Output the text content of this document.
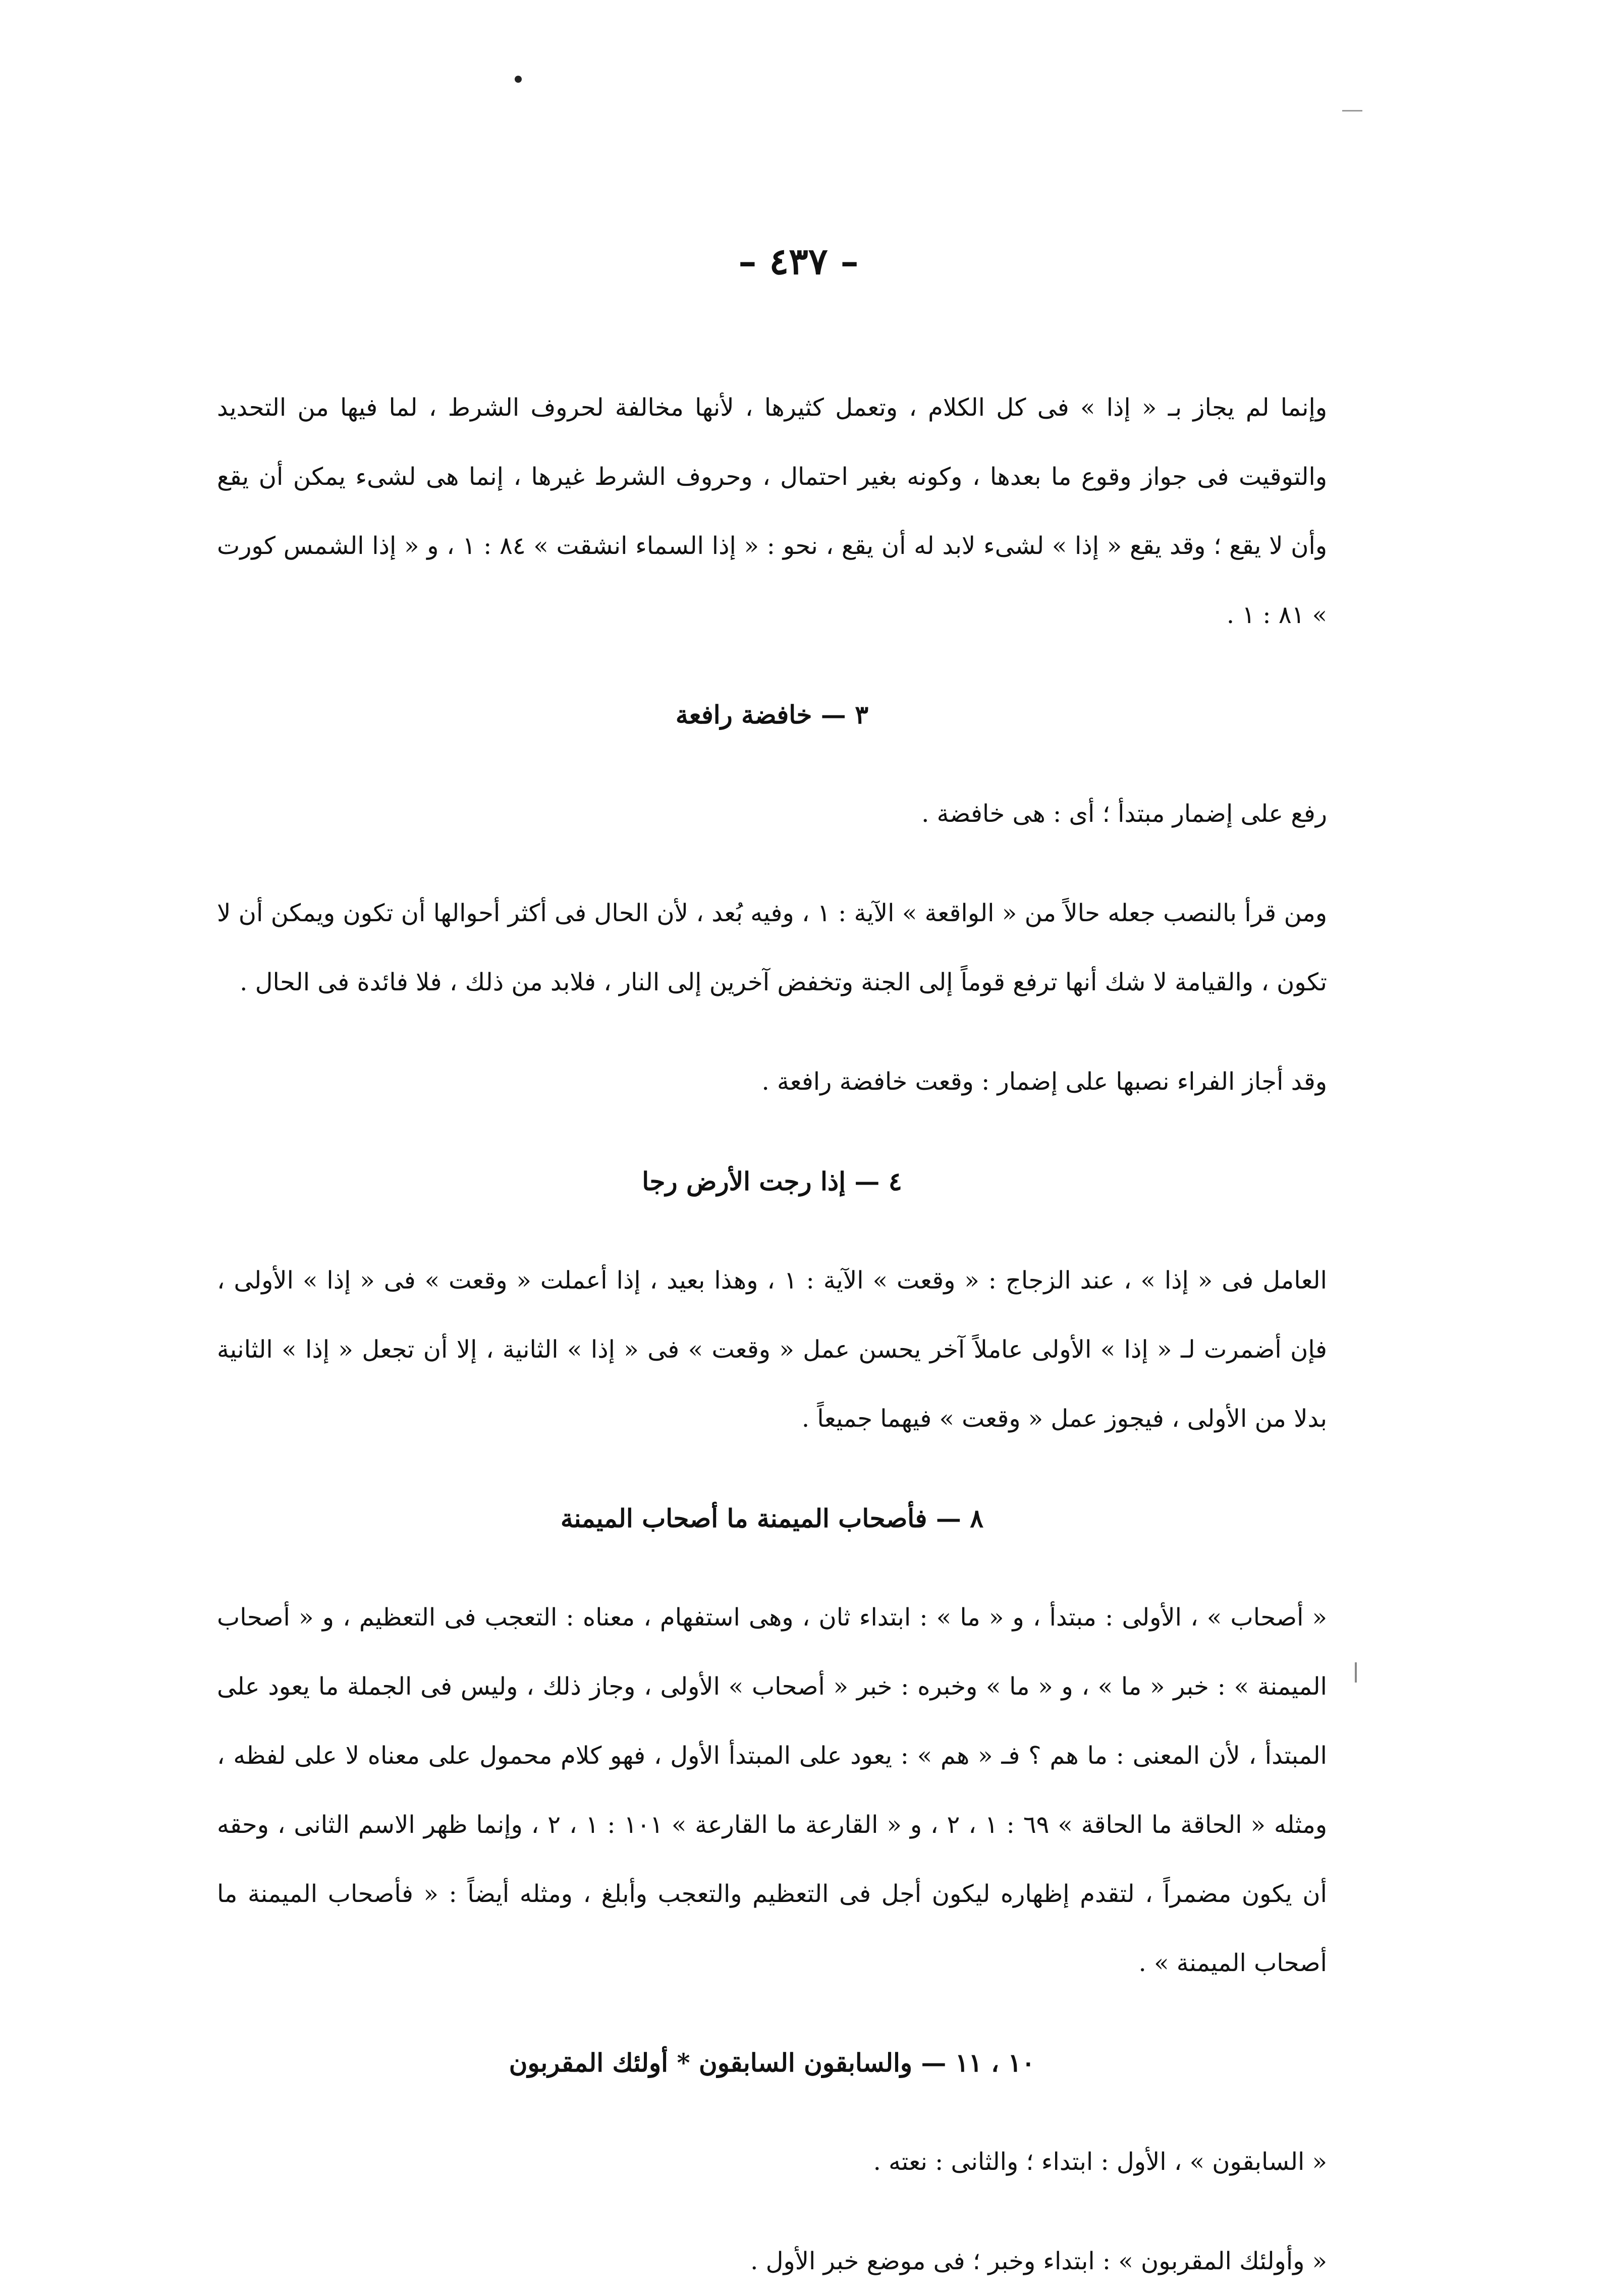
– ٤٣٧ –

وإنما لم يجاز بـ « إذا » فى كل الكلام ، وتعمل كثيرها ، لأنها مخالفة لحروف الشرط ، لما فيها من التحديد والتوقيت فى جواز وقوع ما بعدها ، وكونه بغير احتمال ، وحروف الشرط غيرها ، إنما هى لشىء يمكن أن يقع وأن لا يقع ؛ وقد يقع « إذا » لشىء لابد له أن يقع ، نحو : « إذا السماء انشقت » ٨٤ : ١ ، و « إذا الشمس كورت » ٨١ : ١ .

٣ — خافضة رافعة

رفع على إضمار مبتدأ ؛ أى : هى خافضة .

ومن قرأ بالنصب جعله حالاً من « الواقعة » الآية : ١ ، وفيه بُعد ، لأن الحال فى أكثر أحوالها أن تكون ويمكن أن لا تكون ، والقيامة لا شك أنها ترفع قوماً إلى الجنة وتخفض آخرين إلى النار ، فلابد من ذلك ، فلا فائدة فى الحال .

وقد أجاز الفراء نصبها على إضمار : وقعت خافضة رافعة .

٤ — إذا رجت الأرض رجا

العامل فى « إذا » ، عند الزجاج : « وقعت » الآية : ١ ، وهذا بعيد ، إذا أعملت « وقعت » فى « إذا » الأولى ، فإن أضمرت لـ « إذا » الأولى عاملاً آخر يحسن عمل « وقعت » فى « إذا » الثانية ، إلا أن تجعل « إذا » الثانية بدلا من الأولى ، فيجوز عمل « وقعت » فيهما جميعاً .

٨ — فأصحاب الميمنة ما أصحاب الميمنة

« أصحاب » ، الأولى : مبتدأ ، و « ما » : ابتداء ثان ، وهى استفهام ، معناه : التعجب فى التعظيم ، و « أصحاب الميمنة » : خبر « ما » ، و « ما » وخبره : خبر « أصحاب » الأولى ، وجاز ذلك ، وليس فى الجملة ما يعود على المبتدأ ، لأن المعنى : ما هم ؟ فـ « هم » : يعود على المبتدأ الأول ، فهو كلام محمول على معناه لا على لفظه ، ومثله « الحاقة ما الحاقة » ٦٩ : ١ ، ٢ ، و « القارعة ما القارعة » ١٠١ : ١ ، ٢ ، وإنما ظهر الاسم الثانى ، وحقه أن يكون مضمراً ، لتقدم إظهاره ليكون أجل فى التعظيم والتعجب وأبلغ ، ومثله أيضاً : « فأصحاب الميمنة ما أصحاب الميمنة » .

١٠ ، ١١ — والسابقون السابقون * أولئك المقربون

« السابقون » ، الأول : ابتداء ؛ والثانى : نعته .

« وأولئك المقربون » : ابتداء وخبر ؛ فى موضع خبر الأول .
